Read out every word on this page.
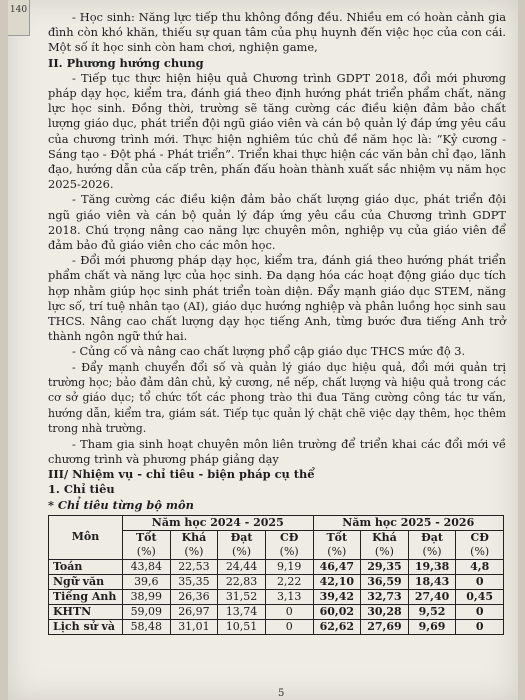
140	- Học sinh: Năng lực tiếp thu không đồng đều. Nhiều em có hoàn cảnh gia đình còn khó khăn, thiếu sự quan tâm của phụ huynh đến việc học của con cái. Một số ít học sinh còn ham chơi, nghiện game,

II. Phương hướng chung

- Tiếp tục thực hiện hiệu quả Chương trình GDPT 2018, đổi mới phương pháp dạy học, kiểm tra, đánh giá theo định hướng phát triển phẩm chất, năng lực học sinh. Đồng thời, trường sẽ tăng cường các điều kiện đảm bảo chất lượng giáo dục, phát triển đội ngũ giáo viên và cán bộ quản lý đáp ứng yêu cầu của chương trình mới. Thực hiện nghiêm túc chủ đề năm học là: “Kỷ cương - Sáng tạo - Đột phá - Phát triển”. Triển khai thực hiện các văn bản chỉ đạo, lãnh đạo, hướng dẫn của cấp trên, phấn đấu hoàn thành xuất sắc nhiệm vụ năm học 2025-2026.

- Tăng cường các điều kiện đảm bảo chất lượng giáo dục, phát triển đội ngũ giáo viên và cán bộ quản lý đáp ứng yêu cầu của Chương trình GDPT 2018. Chú trọng nâng cao năng lực chuyên môn, nghiệp vụ của giáo viên để đảm bảo đủ giáo viên cho các môn học.

- Đổi mới phương pháp dạy học, kiểm tra, đánh giá theo hướng phát triển phẩm chất và năng lực của học sinh. Đa dạng hóa các hoạt động giáo dục tích hợp nhằm giúp học sinh phát triển toàn diện. Đẩy mạnh giáo dục STEM, năng lực số, trí tuệ nhân tạo (AI), giáo dục hướng nghiệp và phân luồng học sinh sau THCS. Nâng cao chất lượng dạy học tiếng Anh, từng bước đưa tiếng Anh trở thành ngôn ngữ thứ hai.

- Củng cố và nâng cao chất lượng phổ cập giáo dục THCS mức độ 3.

- Đẩy mạnh chuyển đổi số và quản lý giáo dục hiệu quả, đổi mới quản trị trường học; bảo đảm dân chủ, kỷ cương, nề nếp, chất lượng và hiệu quả trong các cơ sở giáo dục; tổ chức tốt các phong trào thi đua Tăng cường công tác tư vấn, hướng dẫn, kiểm tra, giám sát. Tiếp tục quản lý chặt chẽ việc dạy thêm, học thêm trong nhà trường.

- Tham gia sinh hoạt chuyên môn liên trường để triển khai các đổi mới về chương trình và phương pháp giảng dạy

III/ Nhiệm vụ - chỉ tiêu - biện pháp cụ thể

1. Chỉ tiêu

* Chỉ tiêu từng bộ môn

Môn	Năm học 2024 - 2025				Năm học 2025 - 2026			
	Tốt	Khá	Đạt	CĐ	Tốt	Khá	Đạt	CĐ
	(%)	(%)	(%)	(%)	(%)	(%)	(%)	(%)
Toán	43,84	22,53	24,44	9,19	46,47	29,35	19,38	4,8
Ngữ văn	39,6	35,35	22,83	2,22	42,10	36,59	18,43	0
Tiếng Anh	38,99	26,36	31,52	3,13	39,42	32,73	27,40	0,45
KHTN	59,09	26,97	13,74	0	60,02	30,28	9,52	0
Lịch sử và	58,48	31,01	10,51	0	62,62	27,69	9,69	0
5
